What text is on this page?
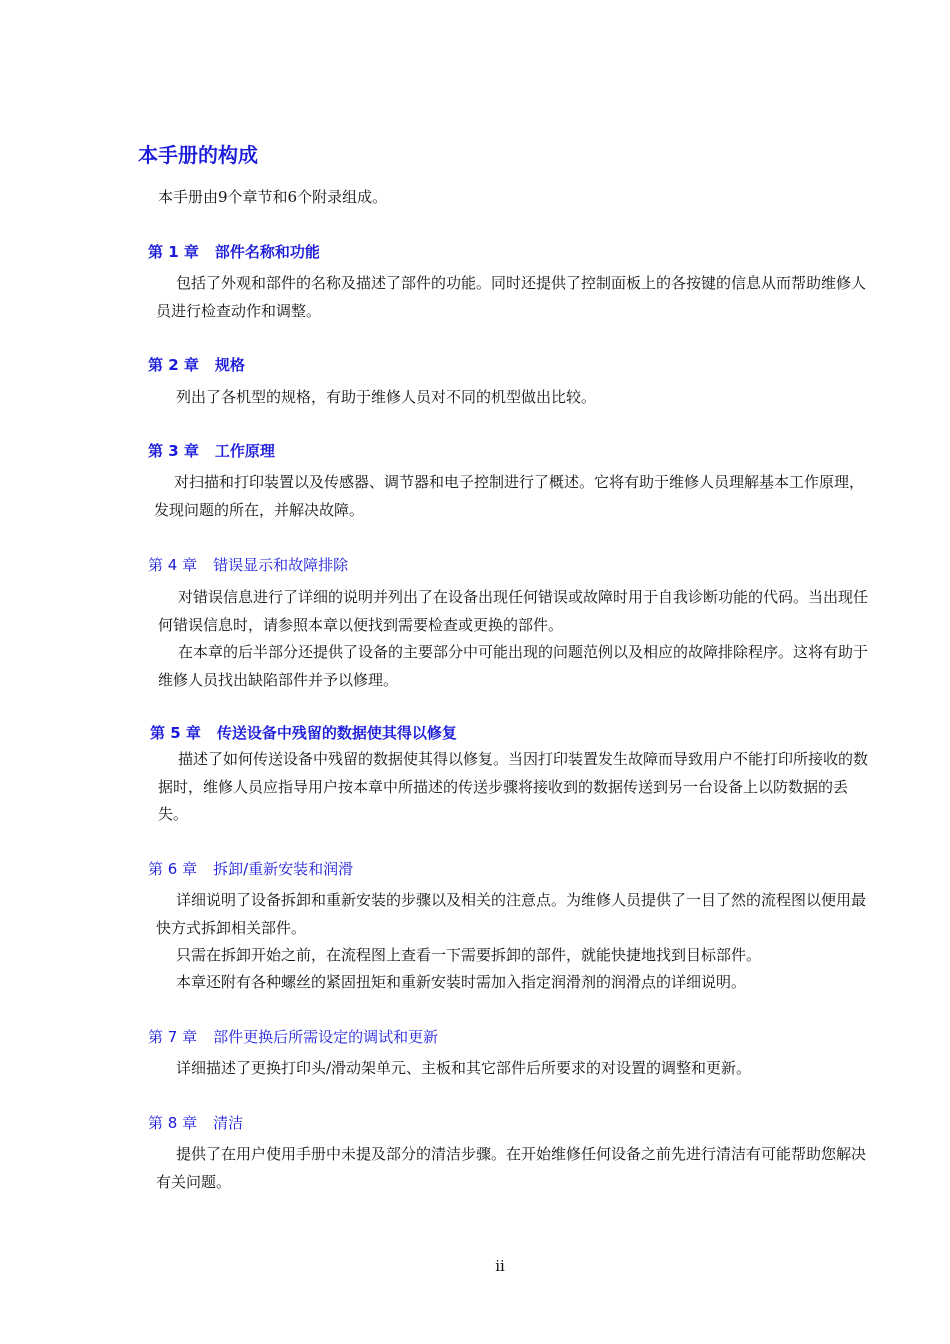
本手册的构成

本手册由9个章节和6个附录组成。

第 1 章 部件名称和功能

包括了外观和部件的名称及描述了部件的功能。同时还提供了控制面板上的各按键的信息从而帮助维修人员进行检查动作和调整。

第 2 章 规格

列出了各机型的规格，有助于维修人员对不同的机型做出比较。

第 3 章 工作原理

对扫描和打印装置以及传感器、调节器和电子控制进行了概述。它将有助于维修人员理解基本工作原理，发现问题的所在，并解决故障。

第 4 章 错误显示和故障排除

对错误信息进行了详细的说明并列出了在设备出现任何错误或故障时用于自我诊断功能的代码。当出现任何错误信息时，请参照本章以便找到需要检查或更换的部件。

在本章的后半部分还提供了设备的主要部分中可能出现的问题范例以及相应的故障排除程序。这将有助于维修人员找出缺陷部件并予以修理。

第 5 章 传送设备中残留的数据使其得以修复

描述了如何传送设备中残留的数据使其得以修复。当因打印装置发生故障而导致用户不能打印所接收的数据时，维修人员应指导用户按本章中所描述的传送步骤将接收到的数据传送到另一台设备上以防数据的丢失。

第 6 章 拆卸/重新安装和润滑

详细说明了设备拆卸和重新安装的步骤以及相关的注意点。为维修人员提供了一目了然的流程图以便用最快方式拆卸相关部件。

只需在拆卸开始之前，在流程图上查看一下需要拆卸的部件，就能快捷地找到目标部件。

本章还附有各种螺丝的紧固扭矩和重新安装时需加入指定润滑剂的润滑点的详细说明。

第 7 章 部件更换后所需设定的调试和更新

详细描述了更换打印头/滑动架单元、主板和其它部件后所要求的对设置的调整和更新。

第 8 章 清洁

提供了在用户使用手册中未提及部分的清洁步骤。在开始维修任何设备之前先进行清洁有可能帮助您解决有关问题。

ii
